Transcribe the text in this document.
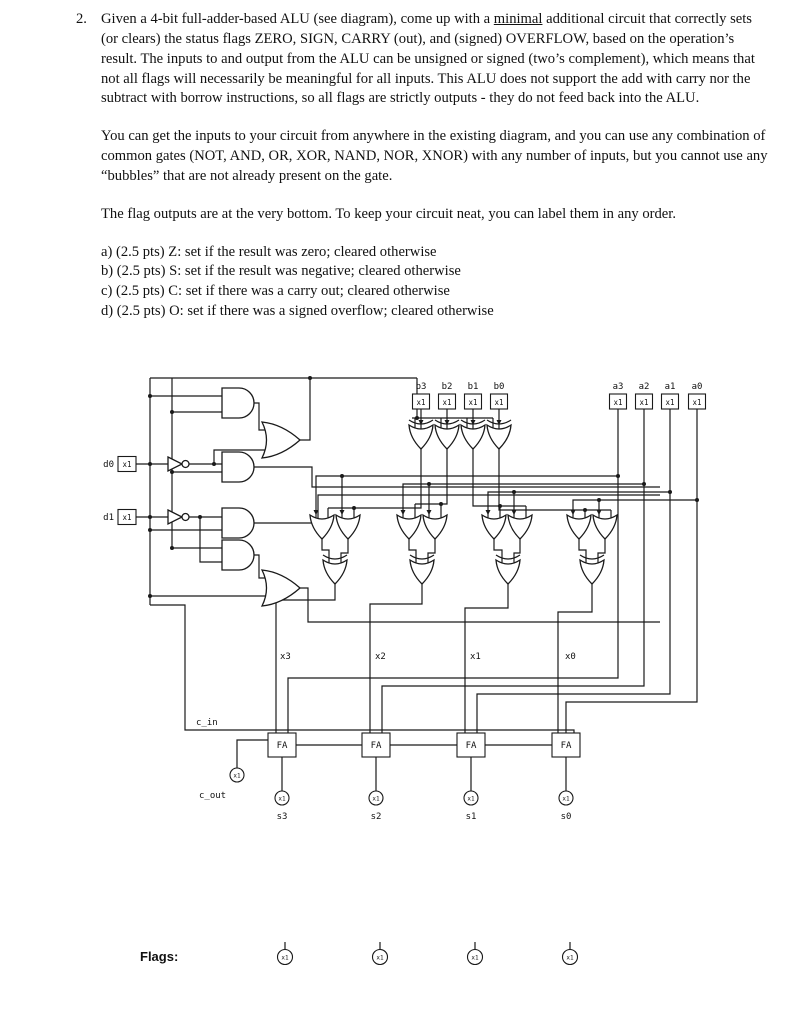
2. Given a 4-bit full-adder-based ALU (see diagram), come up with a minimal additional circuit that correctly sets (or clears) the status flags ZERO, SIGN, CARRY (out), and (signed) OVERFLOW, based on the operation’s result. The inputs to and output from the ALU can be unsigned or signed (two’s complement), which means that not all flags will necessarily be meaningful for all inputs. This ALU does not support the add with carry nor the subtract with borrow instructions, so all flags are strictly outputs - they do not feed back into the ALU.

You can get the inputs to your circuit from anywhere in the existing diagram, and you can use any combination of common gates (NOT, AND, OR, XOR, NAND, NOR, XNOR) with any number of inputs, but you cannot use any “bubbles” that are not already present on the gate.

The flag outputs are at the very bottom. To keep your circuit neat, you can label them in any order.

a) (2.5 pts) Z: set if the result was zero; cleared otherwise
b) (2.5 pts) S: set if the result was negative; cleared otherwise
c) (2.5 pts) C: set if there was a carry out; cleared otherwise
d) (2.5 pts) O: set if there was a signed overflow; cleared otherwise
b3 b2 b1 b0
x1 x1 x1 x1
a3 a2 a1 a0
x1 x1 x1 x1
d0 x1
d1 x1
x3	x2	x1	x0
c_in
FA	FA	FA	FA
x1
c_out	x1	x1	x1	x1
s3	s2	s1	s0
Flags:	x1	x1	x1	x1
